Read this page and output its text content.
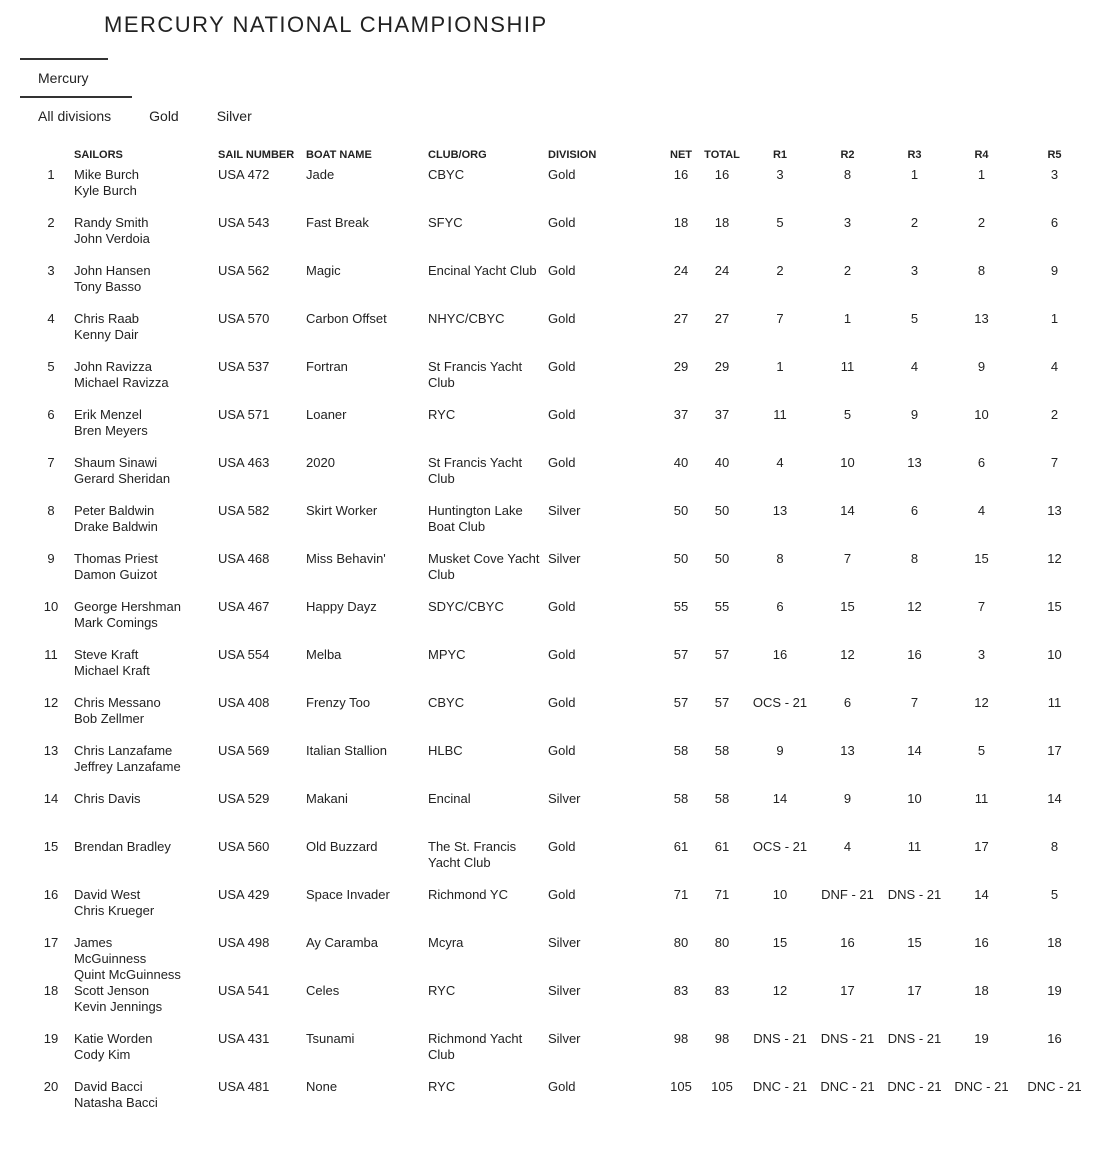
MERCURY NATIONAL CHAMPIONSHIP
Mercury
All divisions	Gold	Silver
	SAILORS	SAIL NUMBER	BOAT NAME	CLUB/ORG	DIVISION	NET	TOTAL	R1	R2	R3	R4	R5
1	Mike Burch
Kyle Burch	USA 472	Jade	CBYC	Gold	16	16	3	8	1	1	3
2	Randy Smith
John Verdoia	USA 543	Fast Break	SFYC	Gold	18	18	5	3	2	2	6
3	John Hansen
Tony Basso	USA 562	Magic	Encinal Yacht Club	Gold	24	24	2	2	3	8	9
4	Chris Raab
Kenny Dair	USA 570	Carbon Offset	NHYC/CBYC	Gold	27	27	7	1	5	13	1
5	John Ravizza
Michael Ravizza	USA 537	Fortran	St Francis Yacht Club	Gold	29	29	1	11	4	9	4
6	Erik Menzel
Bren Meyers	USA 571	Loaner	RYC	Gold	37	37	11	5	9	10	2
7	Shaum Sinawi
Gerard Sheridan	USA 463	2020	St Francis Yacht Club	Gold	40	40	4	10	13	6	7
8	Peter Baldwin
Drake Baldwin	USA 582	Skirt Worker	Huntington Lake Boat Club	Silver	50	50	13	14	6	4	13
9	Thomas Priest
Damon Guizot	USA 468	Miss Behavin'	Musket Cove Yacht Club	Silver	50	50	8	7	8	15	12
10	George Hershman
Mark Comings	USA 467	Happy Dayz	SDYC/CBYC	Gold	55	55	6	15	12	7	15
11	Steve Kraft
Michael Kraft	USA 554	Melba	MPYC	Gold	57	57	16	12	16	3	10
12	Chris Messano
Bob Zellmer	USA 408	Frenzy Too	CBYC	Gold	57	57	OCS - 21	6	7	12	11
13	Chris Lanzafame
Jeffrey Lanzafame	USA 569	Italian Stallion	HLBC	Gold	58	58	9	13	14	5	17
14	Chris Davis	USA 529	Makani	Encinal	Silver	58	58	14	9	10	11	14
15	Brendan Bradley	USA 560	Old Buzzard	The St. Francis Yacht Club	Gold	61	61	OCS - 21	4	11	17	8
16	David West
Chris Krueger	USA 429	Space Invader	Richmond YC	Gold	71	71	10	DNF - 21	DNS - 21	14	5
17	James
McGuinness
Quint McGuinness	USA 498	Ay Caramba	Mcyra	Silver	80	80	15	16	15	16	18
18	Scott Jenson
Kevin Jennings	USA 541	Celes	RYC	Silver	83	83	12	17	17	18	19
19	Katie Worden
Cody Kim	USA 431	Tsunami	Richmond Yacht Club	Silver	98	98	DNS - 21	DNS - 21	DNS - 21	19	16
20	David Bacci
Natasha Bacci	USA 481	None	RYC	Gold	105	105	DNC - 21	DNC - 21	DNC - 21	DNC - 21	DNC - 21
